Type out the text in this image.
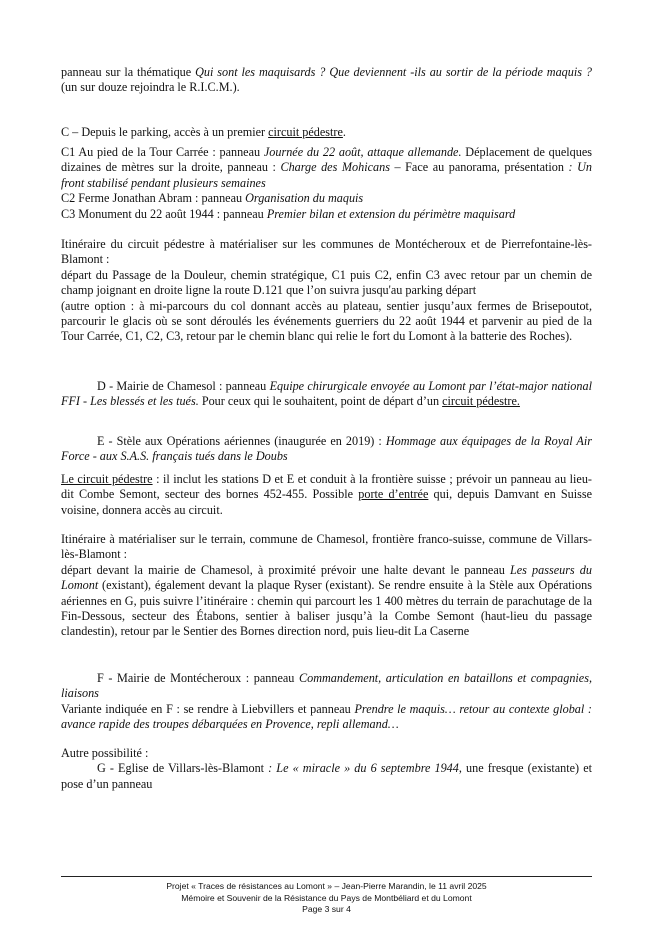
panneau sur la thématique Qui sont les maquisards ? Que deviennent -ils au sortir de la période maquis ? (un sur douze rejoindra le R.I.C.M.).

C – Depuis le parking, accès à un premier circuit pédestre.

C1 Au pied de la Tour Carrée : panneau Journée du 22 août, attaque allemande. Déplacement de quelques dizaines de mètres sur la droite, panneau : Charge des Mohicans – Face au panorama, présentation : Un front stabilisé pendant plusieurs semaines

C2 Ferme Jonathan Abram : panneau Organisation du maquis

C3 Monument du 22 août 1944 : panneau Premier bilan et extension du périmètre maquisard

Itinéraire du circuit pédestre à matérialiser sur les communes de Montécheroux et de Pierrefontaine-lès-Blamont :

départ du Passage de la Douleur, chemin stratégique, C1 puis C2, enfin C3 avec retour par un chemin de champ joignant en droite ligne la route D.121 que l’on suivra jusqu'au parking départ

(autre option : à mi-parcours du col donnant accès au plateau, sentier jusqu’aux fermes de Brisepoutot, parcourir le glacis où se sont déroulés les événements guerriers du 22 août 1944 et parvenir au pied de la Tour Carrée, C1, C2, C3, retour par le chemin blanc qui relie le fort du Lomont à la batterie des Roches).

D - Mairie de Chamesol : panneau Equipe chirurgicale envoyée au Lomont par l’état-major national FFI - Les blessés et les tués. Pour ceux qui le souhaitent, point de départ d’un circuit pédestre.

E - Stèle aux Opérations aériennes (inaugurée en 2019) : Hommage aux équipages de la Royal Air Force - aux S.A.S. français tués dans le Doubs

Le circuit pédestre : il inclut les stations D et E et conduit à la frontière suisse ; prévoir un panneau au lieu-dit Combe Semont, secteur des bornes 452-455. Possible porte d’entrée qui, depuis Damvant en Suisse voisine, donnera accès au circuit.

Itinéraire à matérialiser sur le terrain, commune de Chamesol, frontière franco-suisse, commune de Villars-lès-Blamont :

départ devant la mairie de Chamesol, à proximité prévoir une halte devant le panneau Les passeurs du Lomont (existant), également devant la plaque Ryser (existant). Se rendre ensuite à la Stèle aux Opérations aériennes en G, puis suivre l’itinéraire : chemin qui parcourt les 1 400 mètres du terrain de parachutage de la Fin-Dessous, secteur des Étabons, sentier à baliser jusqu’à la Combe Semont (haut-lieu du passage clandestin), retour par le Sentier des Bornes direction nord, puis lieu-dit La Caserne

F - Mairie de Montécheroux : panneau Commandement, articulation en bataillons et compagnies, liaisons

Variante indiquée en F : se rendre à Liebvillers et panneau Prendre le maquis… retour au contexte global : avance rapide des troupes débarquées en Provence, repli allemand…

Autre possibilité :

G - Eglise de Villars-lès-Blamont : Le « miracle » du 6 septembre 1944, une fresque (existante) et pose d’un panneau

Projet « Traces de résistances au Lomont » – Jean-Pierre Marandin, le 11 avril 2025
Mémoire et Souvenir de la Résistance du Pays de Montbéliard et du Lomont
Page 3 sur 4
